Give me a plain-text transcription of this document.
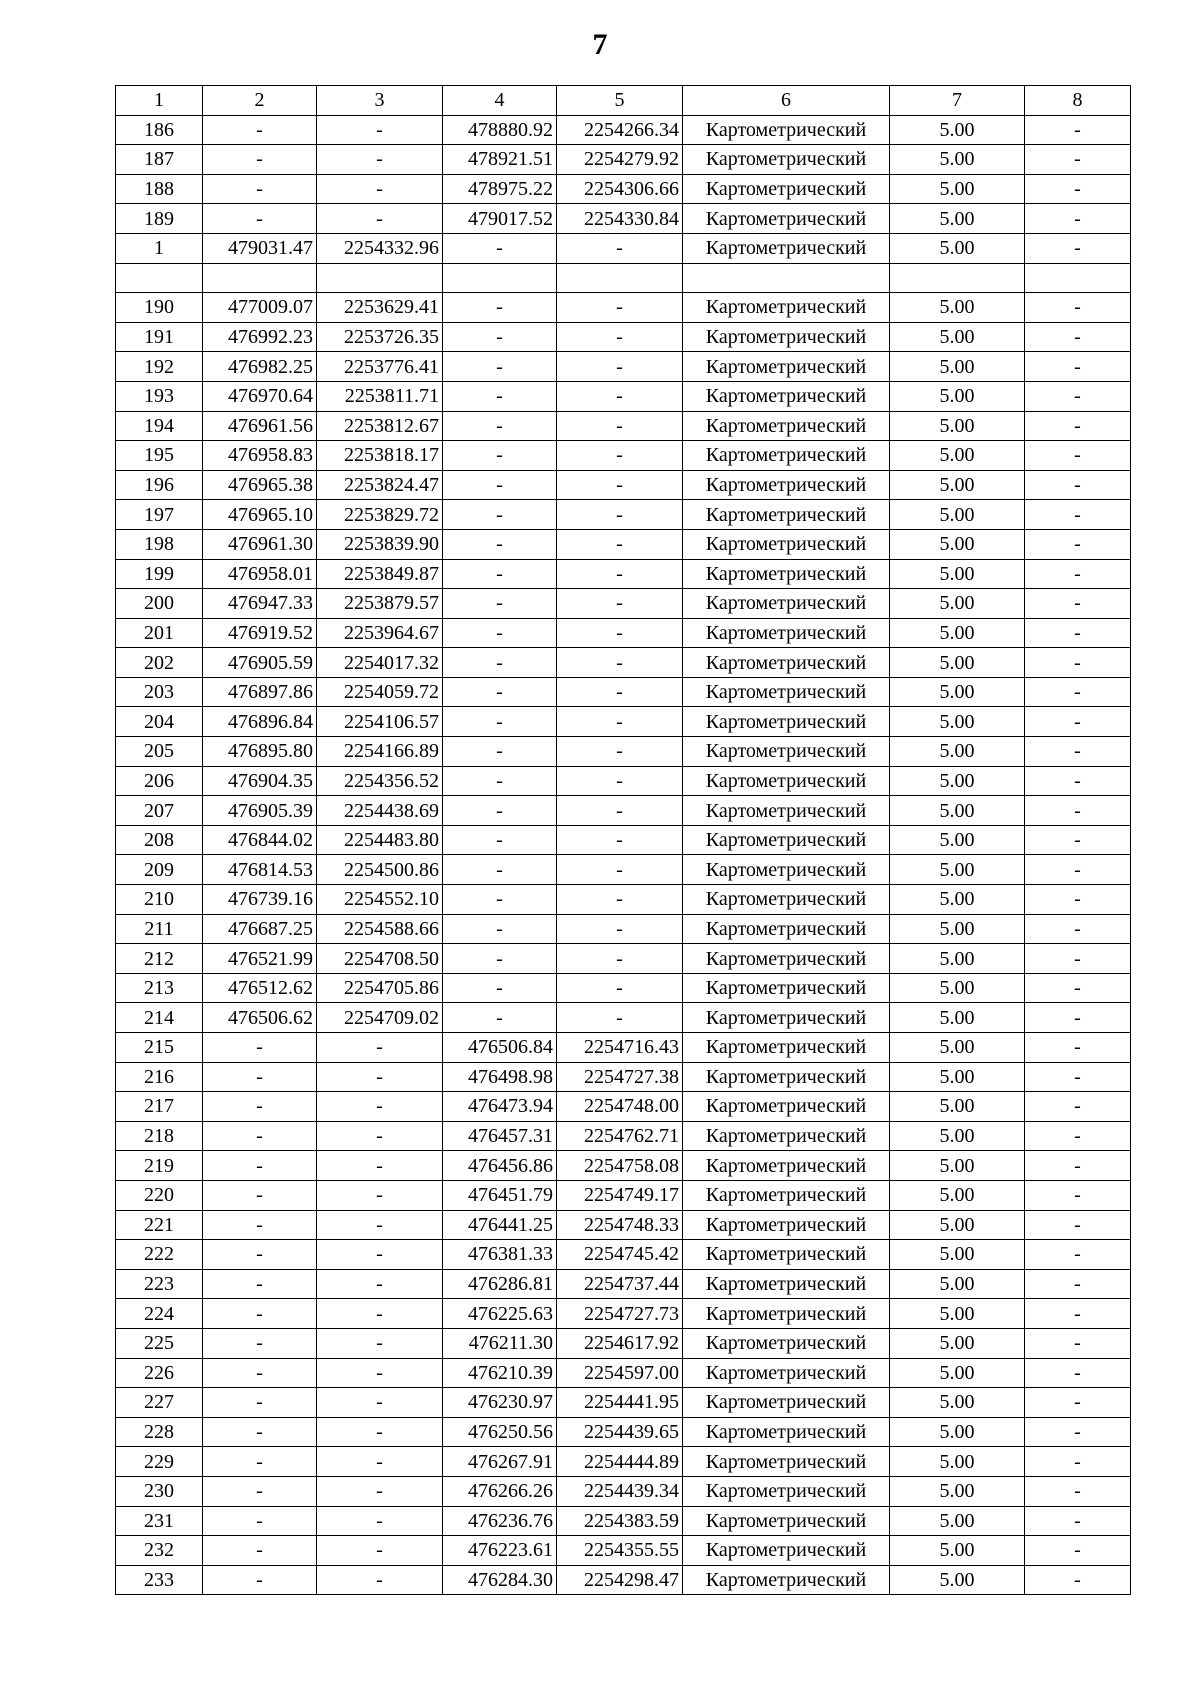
7
1	2	3	4	5	6	7	8
186	-	-	478880.92	2254266.34	Картометрический	5.00	-
187	-	-	478921.51	2254279.92	Картометрический	5.00	-
188	-	-	478975.22	2254306.66	Картометрический	5.00	-
189	-	-	479017.52	2254330.84	Картометрический	5.00	-
1	479031.47	2254332.96	-	-	Картометрический	5.00	-

190	477009.07	2253629.41	-	-	Картометрический	5.00	-
191	476992.23	2253726.35	-	-	Картометрический	5.00	-
192	476982.25	2253776.41	-	-	Картометрический	5.00	-
193	476970.64	2253811.71	-	-	Картометрический	5.00	-
194	476961.56	2253812.67	-	-	Картометрический	5.00	-
195	476958.83	2253818.17	-	-	Картометрический	5.00	-
196	476965.38	2253824.47	-	-	Картометрический	5.00	-
197	476965.10	2253829.72	-	-	Картометрический	5.00	-
198	476961.30	2253839.90	-	-	Картометрический	5.00	-
199	476958.01	2253849.87	-	-	Картометрический	5.00	-
200	476947.33	2253879.57	-	-	Картометрический	5.00	-
201	476919.52	2253964.67	-	-	Картометрический	5.00	-
202	476905.59	2254017.32	-	-	Картометрический	5.00	-
203	476897.86	2254059.72	-	-	Картометрический	5.00	-
204	476896.84	2254106.57	-	-	Картометрический	5.00	-
205	476895.80	2254166.89	-	-	Картометрический	5.00	-
206	476904.35	2254356.52	-	-	Картометрический	5.00	-
207	476905.39	2254438.69	-	-	Картометрический	5.00	-
208	476844.02	2254483.80	-	-	Картометрический	5.00	-
209	476814.53	2254500.86	-	-	Картометрический	5.00	-
210	476739.16	2254552.10	-	-	Картометрический	5.00	-
211	476687.25	2254588.66	-	-	Картометрический	5.00	-
212	476521.99	2254708.50	-	-	Картометрический	5.00	-
213	476512.62	2254705.86	-	-	Картометрический	5.00	-
214	476506.62	2254709.02	-	-	Картометрический	5.00	-
215	-	-	476506.84	2254716.43	Картометрический	5.00	-
216	-	-	476498.98	2254727.38	Картометрический	5.00	-
217	-	-	476473.94	2254748.00	Картометрический	5.00	-
218	-	-	476457.31	2254762.71	Картометрический	5.00	-
219	-	-	476456.86	2254758.08	Картометрический	5.00	-
220	-	-	476451.79	2254749.17	Картометрический	5.00	-
221	-	-	476441.25	2254748.33	Картометрический	5.00	-
222	-	-	476381.33	2254745.42	Картометрический	5.00	-
223	-	-	476286.81	2254737.44	Картометрический	5.00	-
224	-	-	476225.63	2254727.73	Картометрический	5.00	-
225	-	-	476211.30	2254617.92	Картометрический	5.00	-
226	-	-	476210.39	2254597.00	Картометрический	5.00	-
227	-	-	476230.97	2254441.95	Картометрический	5.00	-
228	-	-	476250.56	2254439.65	Картометрический	5.00	-
229	-	-	476267.91	2254444.89	Картометрический	5.00	-
230	-	-	476266.26	2254439.34	Картометрический	5.00	-
231	-	-	476236.76	2254383.59	Картометрический	5.00	-
232	-	-	476223.61	2254355.55	Картометрический	5.00	-
233	-	-	476284.30	2254298.47	Картометрический	5.00	-
